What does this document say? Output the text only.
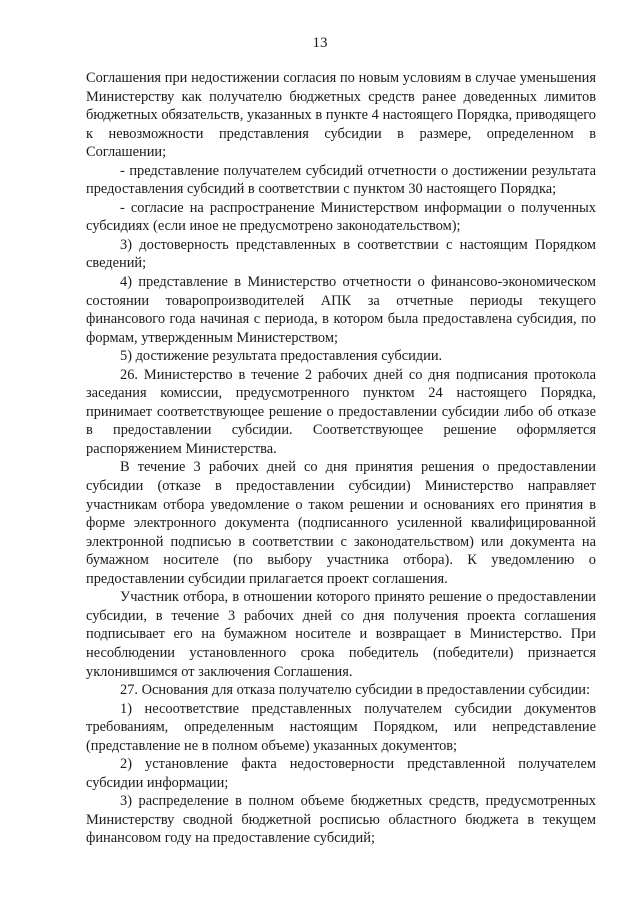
13

Соглашения при недостижении согласия по новым условиям в случае уменьшения Министерству как получателю бюджетных средств ранее доведенных лимитов бюджетных обязательств, указанных в пункте 4 настоящего Порядка, приводящего к невозможности представления субсидии в размере, определенном в Соглашении;

- представление получателем субсидий отчетности о достижении результата предоставления субсидий в соответствии с пунктом 30 настоящего Порядка;

- согласие на распространение Министерством информации о полученных субсидиях (если иное не предусмотрено законодательством);

3) достоверность представленных в соответствии с настоящим Порядком сведений;

4) представление в Министерство отчетности о финансово-экономическом состоянии товаропроизводителей АПК за отчетные периоды текущего финансового года начиная с периода, в котором была предоставлена субсидия, по формам, утвержденным Министерством;

5) достижение результата предоставления субсидии.

26. Министерство в течение 2 рабочих дней со дня подписания протокола заседания комиссии, предусмотренного пунктом 24 настоящего Порядка, принимает соответствующее решение о предоставлении субсидии либо об отказе в предоставлении субсидии. Соответствующее решение оформляется распоряжением Министерства.

В течение 3 рабочих дней со дня принятия решения о предоставлении субсидии (отказе в предоставлении субсидии) Министерство направляет участникам отбора уведомление о таком решении и основаниях его принятия в форме электронного документа (подписанного усиленной квалифицированной электронной подписью в соответствии с законодательством) или документа на бумажном носителе (по выбору участника отбора). К уведомлению о предоставлении субсидии прилагается проект соглашения.

Участник отбора, в отношении которого принято решение о предоставлении субсидии, в течение 3 рабочих дней со дня получения проекта соглашения подписывает его на бумажном носителе и возвращает в Министерство. При несоблюдении установленного срока победитель (победители) признается уклонившимся от заключения Соглашения.

27. Основания для отказа получателю субсидии в предоставлении субсидии:

1) несоответствие представленных получателем субсидии документов требованиям, определенным настоящим Порядком, или непредставление (представление не в полном объеме) указанных документов;

2) установление факта недостоверности представленной получателем субсидии информации;

3) распределение в полном объеме бюджетных средств, предусмотренных Министерству сводной бюджетной росписью областного бюджета в текущем финансовом году на предоставление субсидий;
